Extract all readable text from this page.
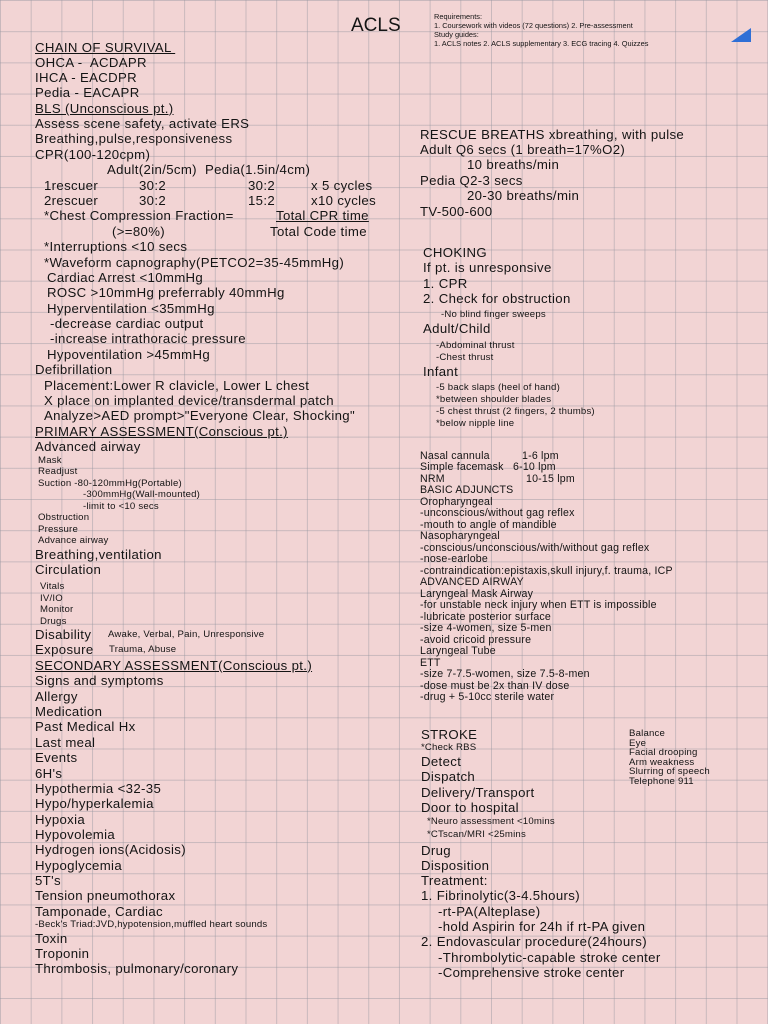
ACLS	Requirements:
1. Coursework with videos (72 questions) 2. Pre-assessment
Study guides:
1. ACLS notes 2. ACLS supplementary 3. ECG tracing 4. Quizzes
CHAIN OF SURVIVAL
OHCA -  ACDAPR
IHCA - EACDPR
Pedia - EACAPR
BLS (Unconscious pt.)
Assess scene safety, activate ERS
Breathing,pulse,responsiveness
CPR(100-120cpm)
Adult(2in/5cm)  Pedia(1.5in/4cm)
1rescuer	30:2	30:2	x 5 cycles
2rescuer	30:2	15:2	x10 cycles
*Chest Compression Fraction=	Total CPR time
(>=80%)	Total Code time
*Interruptions <10 secs
*Waveform capnography(PETCO2=35-45mmHg)
Cardiac Arrest <10mmHg
ROSC >10mmHg preferrably 40mmHg
Hyperventilation <35mmHg
-decrease cardiac output
-increase intrathoracic pressure
Hypoventilation >45mmHg
Defibrillation
Placement:Lower R clavicle, Lower L chest
X place on implanted device/transdermal patch
Analyze>AED prompt>"Everyone Clear, Shocking"
PRIMARY ASSESSMENT(Conscious pt.)
Advanced airway
Mask
Readjust
Suction -80-120mmHg(Portable)
-300mmHg(Wall-mounted)
-limit to <10 secs
Obstruction
Pressure
Advance airway
Breathing,ventilation
Circulation
Vitals
IV/IO
Monitor
Drugs
Disability Awake, Verbal, Pain, Unresponsive
Exposure Trauma, Abuse
SECONDARY ASSESSMENT(Conscious pt.)
Signs and symptoms
Allergy
Medication
Past Medical Hx
Last meal
Events
6H's
Hypothermia <32-35
Hypo/hyperkalemia
Hypoxia
Hypovolemia
Hydrogen ions(Acidosis)
Hypoglycemia
5T's
Tension pneumothorax
Tamponade, Cardiac
-Beck's Triad:JVD,hypotension,muffled heart sounds
Toxin
Troponin
Thrombosis, pulmonary/coronary
RESCUE BREATHS xbreathing, with pulse
Adult Q6 secs (1 breath=17%O2)
10 breaths/min
Pedia Q2-3 secs
20-30 breaths/min
TV-500-600
CHOKING
If pt. is unresponsive
1. CPR
2. Check for obstruction
-No blind finger sweeps
Adult/Child
-Abdominal thrust
-Chest thrust
Infant
-5 back slaps (heel of hand)
*between shoulder blades
-5 chest thrust (2 fingers, 2 thumbs)
*below nipple line
Nasal cannula	1-6 lpm
Simple facemask 6-10 lpm
NRM	10-15 lpm
BASIC ADJUNCTS
Oropharyngeal
-unconscious/without gag reflex
-mouth to angle of mandible
Nasopharyngeal
-conscious/unconscious/with/without gag reflex
-nose-earlobe
-contraindication:epistaxis,skull injury,f. trauma, ICP
ADVANCED AIRWAY
Laryngeal Mask Airway
-for unstable neck injury when ETT is impossible
-lubricate posterior surface
-size 4-women, size 5-men
-avoid cricoid pressure
Laryngeal Tube
ETT
-size 7-7.5-women, size 7.5-8-men
-dose must be 2x than IV dose
-drug + 5-10cc sterile water
STROKE
*Check RBS
Detect
Dispatch
Delivery/Transport
Door to hospital
*Neuro assessment <10mins
*CTscan/MRI <25mins
Drug
Disposition
Treatment:
1. Fibrinolytic(3-4.5hours)
-rt-PA(Alteplase)
-hold Aspirin for 24h if rt-PA given
2. Endovascular procedure(24hours)
-Thrombolytic-capable stroke center
-Comprehensive stroke center
Balance
Eye
Facial drooping
Arm weakness
Slurring of speech
Telephone 911
